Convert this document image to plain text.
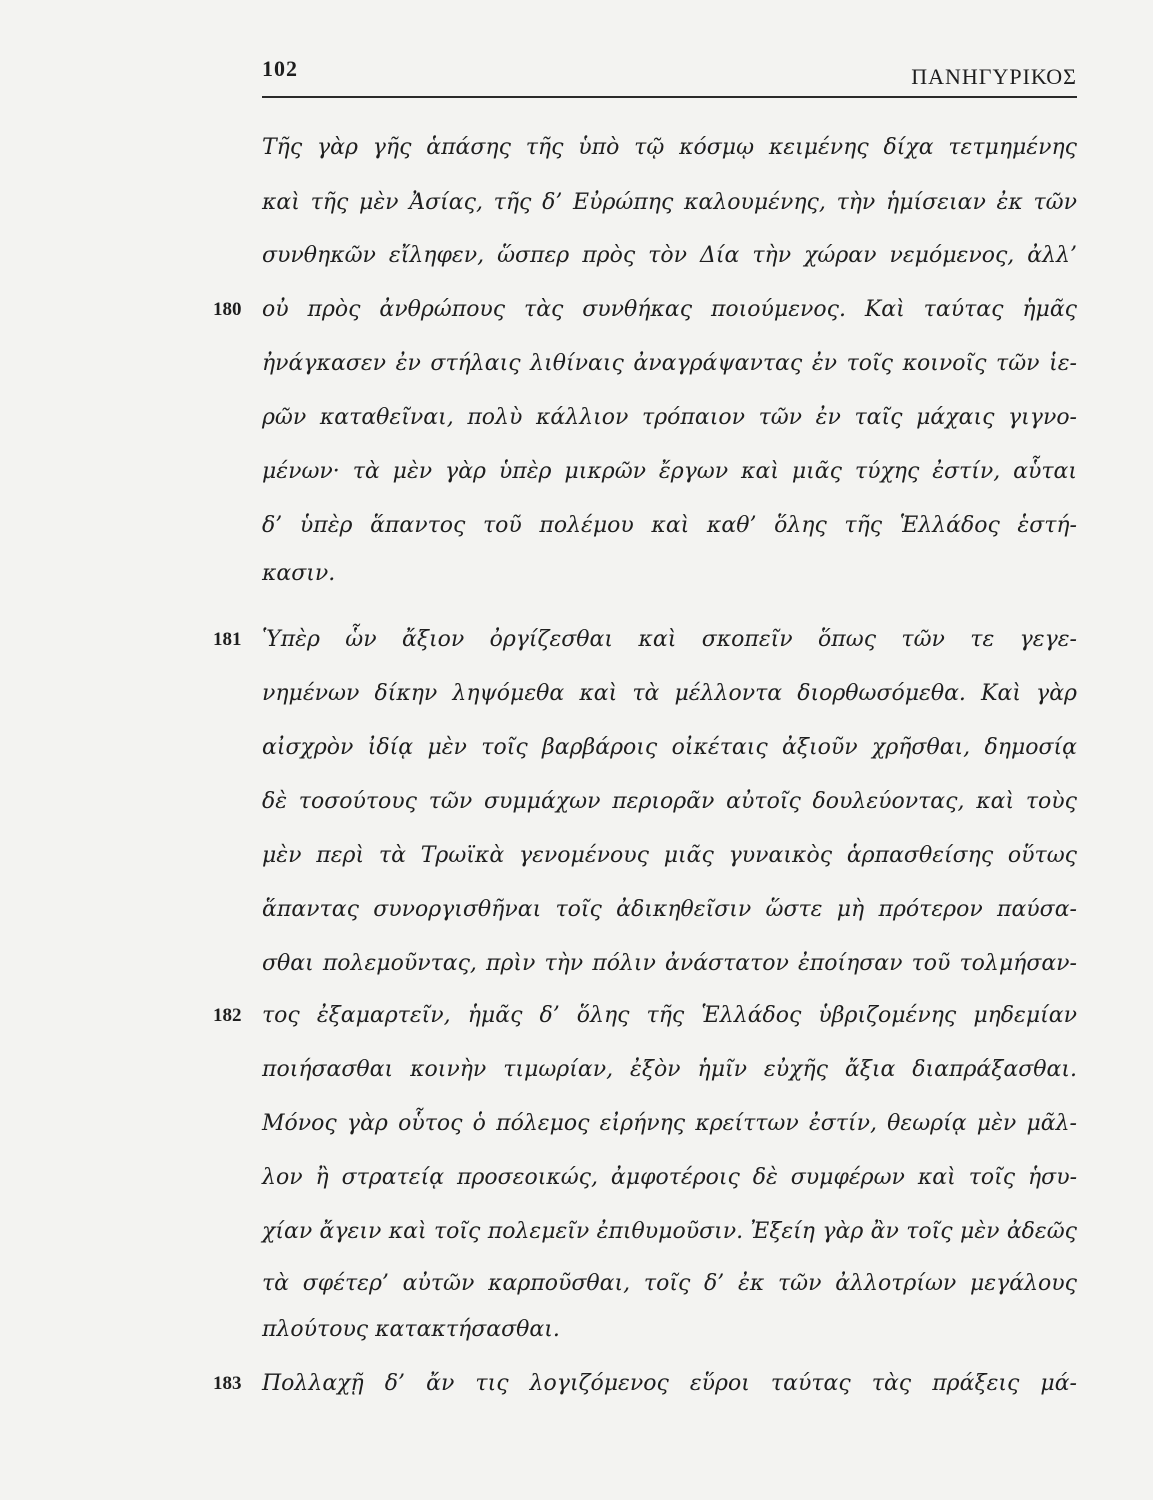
102	ΠΑΝΗΓΥΡΙΚΟΣ
Τῆς γὰρ γῆς ἁπάσης τῆς ὑπὸ τῷ κόσμῳ κειμένης δίχα τετμημένης
καὶ τῆς μὲν Ἀσίας, τῆς δ’ Εὐρώπης καλουμένης, τὴν ἡμίσειαν ἐκ τῶν
συνθηκῶν εἴληφεν, ὥσπερ πρὸς τὸν Δία τὴν χώραν νεμόμενος, ἀλλ’
180 οὐ πρὸς ἀνθρώπους τὰς συνθήκας ποιούμενος. Καὶ ταύτας ἡμᾶς
ἠνάγκασεν ἐν στήλαις λιθίναις ἀναγράψαντας ἐν τοῖς κοινοῖς τῶν ἱε-
ρῶν καταθεῖναι, πολὺ κάλλιον τρόπαιον τῶν ἐν ταῖς μάχαις γιγνο-
μένων· τὰ μὲν γὰρ ὑπὲρ μικρῶν ἔργων καὶ μιᾶς τύχης ἐστίν, αὗται
δ’ ὑπὲρ ἅπαντος τοῦ πολέμου καὶ καθ’ ὅλης τῆς Ἑλλάδος ἑστή-
κασιν.
181 Ὑπὲρ ὧν ἄξιον ὀργίζεσθαι καὶ σκοπεῖν ὅπως τῶν τε γεγε-
νημένων δίκην ληψόμεθα καὶ τὰ μέλλοντα διορθωσόμεθα. Καὶ γὰρ
αἰσχρὸν ἰδίᾳ μὲν τοῖς βαρβάροις οἰκέταις ἀξιοῦν χρῆσθαι, δημοσίᾳ
δὲ τοσούτους τῶν συμμάχων περιορᾶν αὐτοῖς δουλεύοντας, καὶ τοὺς
μὲν περὶ τὰ Τρωϊκὰ γενομένους μιᾶς γυναικὸς ἁρπασθείσης οὕτως
ἅπαντας συνοργισθῆναι τοῖς ἀδικηθεῖσιν ὥστε μὴ πρότερον παύσα-
σθαι πολεμοῦντας, πρὶν τὴν πόλιν ἀνάστατον ἐποίησαν τοῦ τολμήσαν-
182 τος ἐξαμαρτεῖν, ἡμᾶς δ’ ὅλης τῆς Ἑλλάδος ὑβριζομένης μηδεμίαν
ποιήσασθαι κοινὴν τιμωρίαν, ἐξὸν ἡμῖν εὐχῆς ἄξια διαπράξασθαι.
Μόνος γὰρ οὗτος ὁ πόλεμος εἰρήνης κρείττων ἐστίν, θεωρίᾳ μὲν μᾶλ-
λον ἢ στρατείᾳ προσεοικώς, ἀμφοτέροις δὲ συμφέρων καὶ τοῖς ἡσυ-
χίαν ἄγειν καὶ τοῖς πολεμεῖν ἐπιθυμοῦσιν. Ἐξείη γὰρ ἂν τοῖς μὲν ἀδεῶς
τὰ σφέτερ’ αὐτῶν καρποῦσθαι, τοῖς δ’ ἐκ τῶν ἀλλοτρίων μεγάλους
πλούτους κατακτήσασθαι.
183 Πολλαχῇ δ’ ἄν τις λογιζόμενος εὕροι ταύτας τὰς πράξεις μά-
